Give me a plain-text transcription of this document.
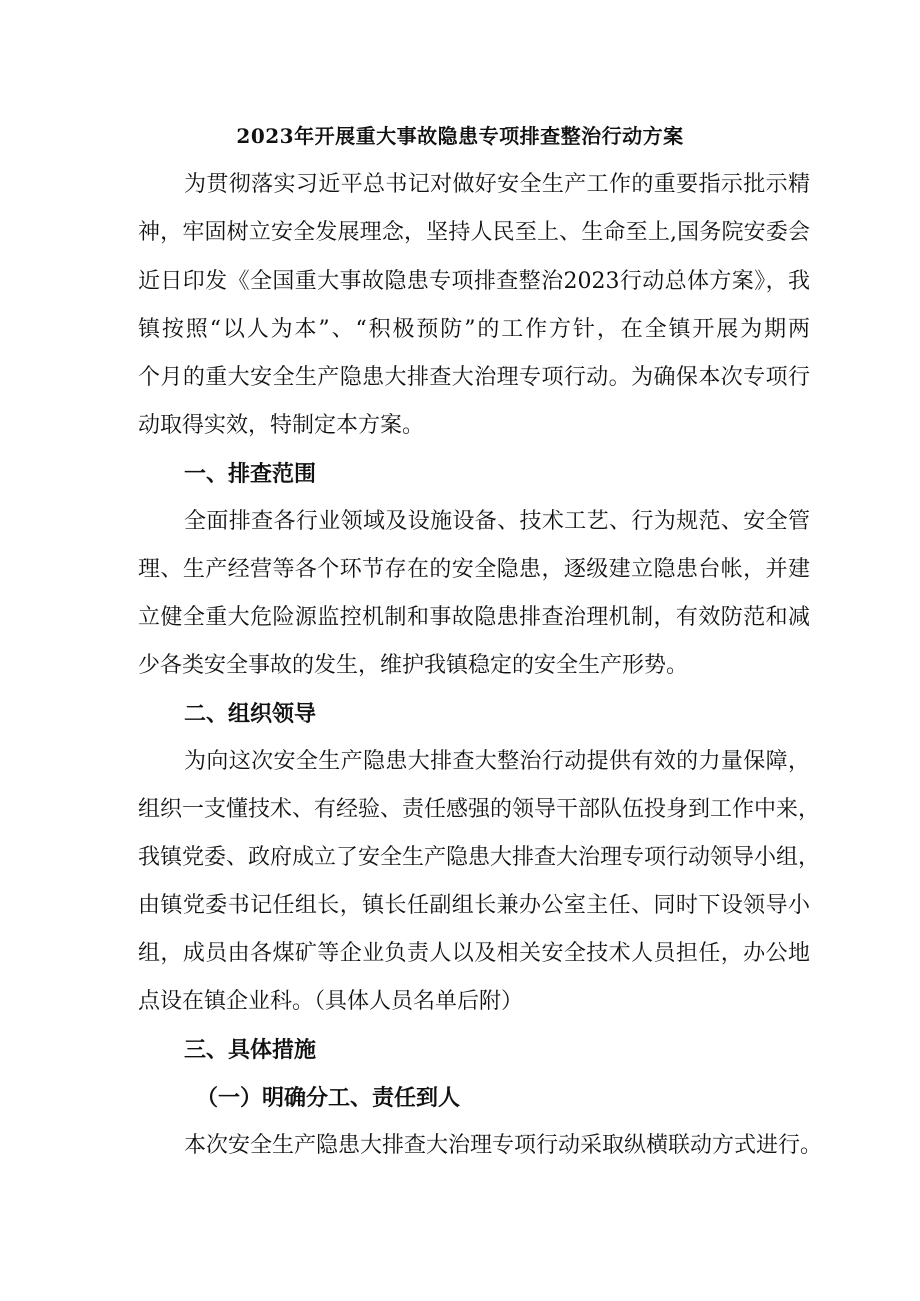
2023年开展重大事故隐患专项排查整治行动方案
为贯彻落实习近平总书记对做好安全生产工作的重要指示批示精
神，牢固树立安全发展理念，坚持人民至上、生命至上,国务院安委会
近日印发《全国重大事故隐患专项排查整治2023行动总体方案》，我
镇按照“以人为本”、“积极预防”的工作方针，在全镇开展为期两
个月的重大安全生产隐患大排查大治理专项行动。为确保本次专项行
动取得实效，特制定本方案。
一、排查范围
全面排查各行业领域及设施设备、技术工艺、行为规范、安全管
理、生产经营等各个环节存在的安全隐患，逐级建立隐患台帐，并建
立健全重大危险源监控机制和事故隐患排查治理机制，有效防范和减
少各类安全事故的发生，维护我镇稳定的安全生产形势。
二、组织领导
为向这次安全生产隐患大排查大整治行动提供有效的力量保障，
组织一支懂技术、有经验、责任感强的领导干部队伍投身到工作中来，
我镇党委、政府成立了安全生产隐患大排查大治理专项行动领导小组，
由镇党委书记任组长，镇长任副组长兼办公室主任、同时下设领导小
组，成员由各煤矿等企业负责人以及相关安全技术人员担任，办公地
点设在镇企业科。（具体人员名单后附）
三、具体措施
（一）明确分工、责任到人
本次安全生产隐患大排查大治理专项行动采取纵横联动方式进行。
